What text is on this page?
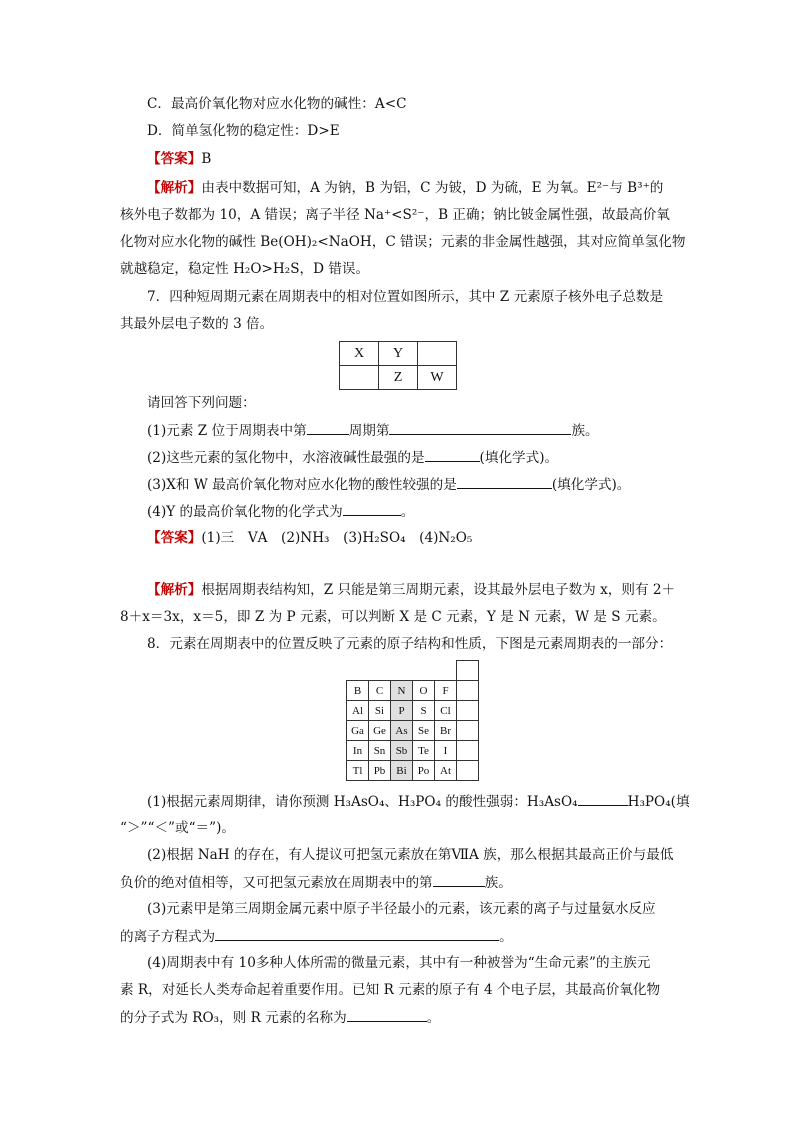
C．最高价氧化物对应水化物的碱性：A<C
D．简单氢化物的稳定性：D>E
【答案】B
【解析】由表中数据可知，A 为钠，B 为铝，C 为铍，D 为硫，E 为氧。E²⁻与 B³⁺的
核外电子数都为 10，A 错误；离子半径 Na⁺<S²⁻，B 正确；钠比铍金属性强，故最高价氧
化物对应水化物的碱性 Be(OH)₂<NaOH，C 错误；元素的非金属性越强，其对应简单氢化物
就越稳定，稳定性 H₂O>H₂S，D 错误。
7．四种短周期元素在周期表中的相对位置如图所示，其中 Z 元素原子核外电子总数是
其最外层电子数的 3 倍。
X	Y	
	Z	W
请回答下列问题：
(1)元素 Z 位于周期表中第	周期第	族。
(2)这些元素的氢化物中，水溶液碱性最强的是	(填化学式)。
(3)X和 W 最高价氧化物对应水化物的酸性较强的是	(填化学式)。
(4)Y 的最高价氧化物的化学式为	。
【答案】(1)三　ⅤA　(2)NH₃　(3)H₂SO₄　(4)N₂O₅
【解析】根据周期表结构知，Z 只能是第三周期元素，设其最外层电子数为 x，则有 2＋
8＋x＝3x，x＝5，即 Z 为 P 元素，可以判断 X 是 C 元素，Y 是 N 元素，W 是 S 元素。
8．元素在周期表中的位置反映了元素的原子结构和性质，下图是元素周期表的一部分：

B	C	N	O	F	
Al	Si	P	S	Cl	
Ga	Ge	As	Se	Br	
In	Sn	Sb	Te	I	
Tl	Pb	Bi	Po	At	
(1)根据元素周期律，请你预测 H₃AsO₄、H₃PO₄ 的酸性强弱：H₃AsO₄	H₃PO₄(填
“＞”“＜”或“＝”)。
(2)根据 NaH 的存在，有人提议可把氢元素放在第ⅦA 族，那么根据其最高正价与最低
负价的绝对值相等，又可把氢元素放在周期表中的第	族。
(3)元素甲是第三周期金属元素中原子半径最小的元素，该元素的离子与过量氨水反应
的离子方程式为	。
(4)周期表中有 10多种人体所需的微量元素，其中有一种被誉为“生命元素”的主族元
素 R，对延长人类寿命起着重要作用。已知 R 元素的原子有 4 个电子层，其最高价氧化物
的分子式为 RO₃，则 R 元素的名称为	。
